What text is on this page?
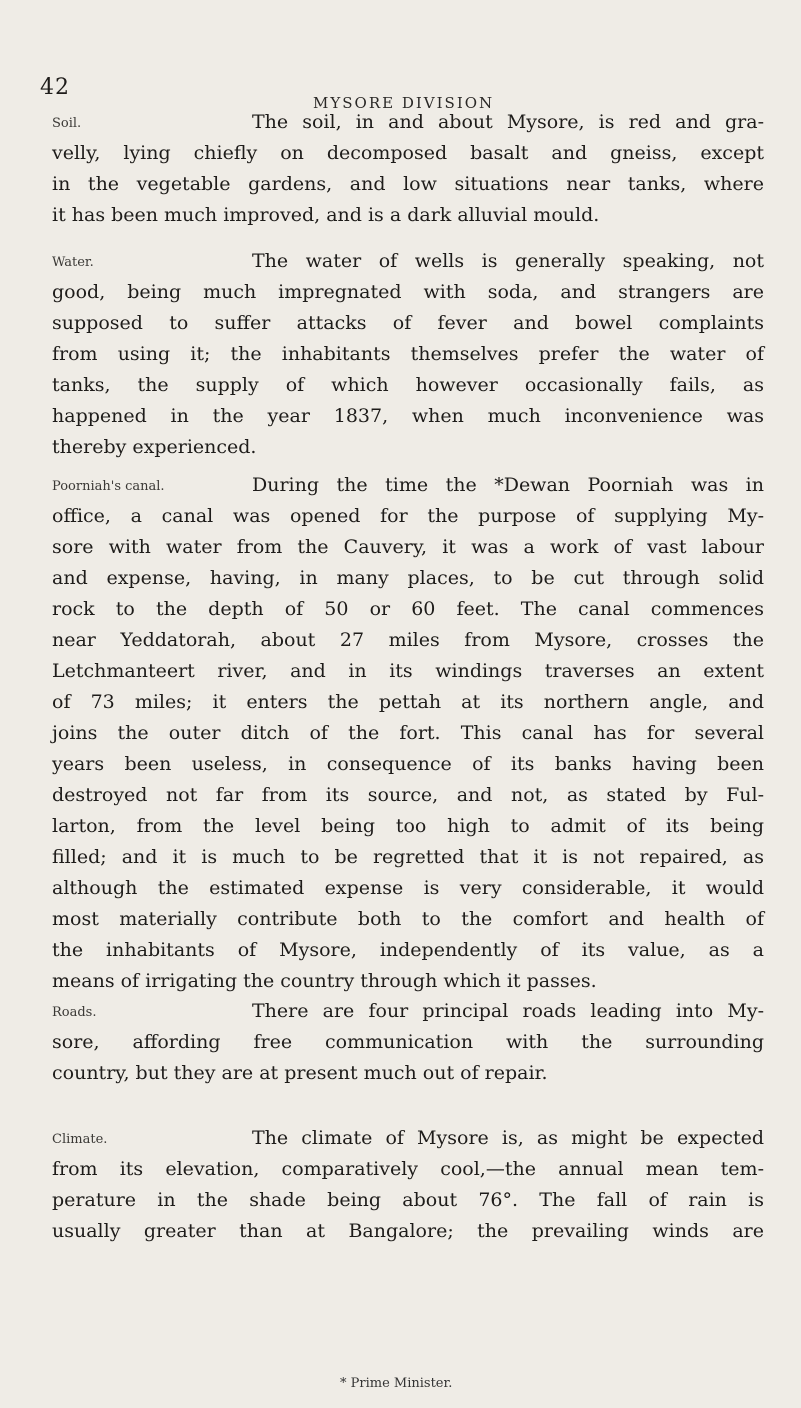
42
MYSORE DIVISION
Soil.	The soil, in and about Mysore, is red and gra-
velly, lying chiefly on decomposed basalt and gneiss, except
in the vegetable gardens, and low situations near tanks, where
it has been much improved, and is a dark alluvial mould.
Water.	The water of wells is generally speaking, not
good, being much impregnated with soda, and strangers are
supposed to suffer attacks of fever and bowel complaints
from using it; the inhabitants themselves prefer the water of
tanks, the supply of which however occasionally fails, as
happened in the year 1837, when much inconvenience was
thereby experienced.
Poorniah's canal.	During the time the *Dewan Poorniah was in
office, a canal was opened for the purpose of supplying My-
sore with water from the Cauvery, it was a work of vast labour
and expense, having, in many places, to be cut through solid
rock to the depth of 50 or 60 feet. The canal commences
near Yeddatorah, about 27 miles from Mysore, crosses the
Letchmanteert river, and in its windings traverses an extent
of 73 miles; it enters the pettah at its northern angle, and
joins the outer ditch of the fort. This canal has for several
years been useless, in consequence of its banks having been
destroyed not far from its source, and not, as stated by Ful-
larton, from the level being too high to admit of its being
filled; and it is much to be regretted that it is not repaired, as
although the estimated expense is very considerable, it would
most materially contribute both to the comfort and health of
the inhabitants of Mysore, independently of its value, as a
means of irrigating the country through which it passes.
Roads.	There are four principal roads leading into My-
sore, affording free communication with the surrounding
country, but they are at present much out of repair.
Climate.	The climate of Mysore is, as might be expected
from its elevation, comparatively cool,—the annual mean tem-
perature in the shade being about 76°. The fall of rain is
usually greater than at Bangalore; the prevailing winds are
* Prime Minister.
